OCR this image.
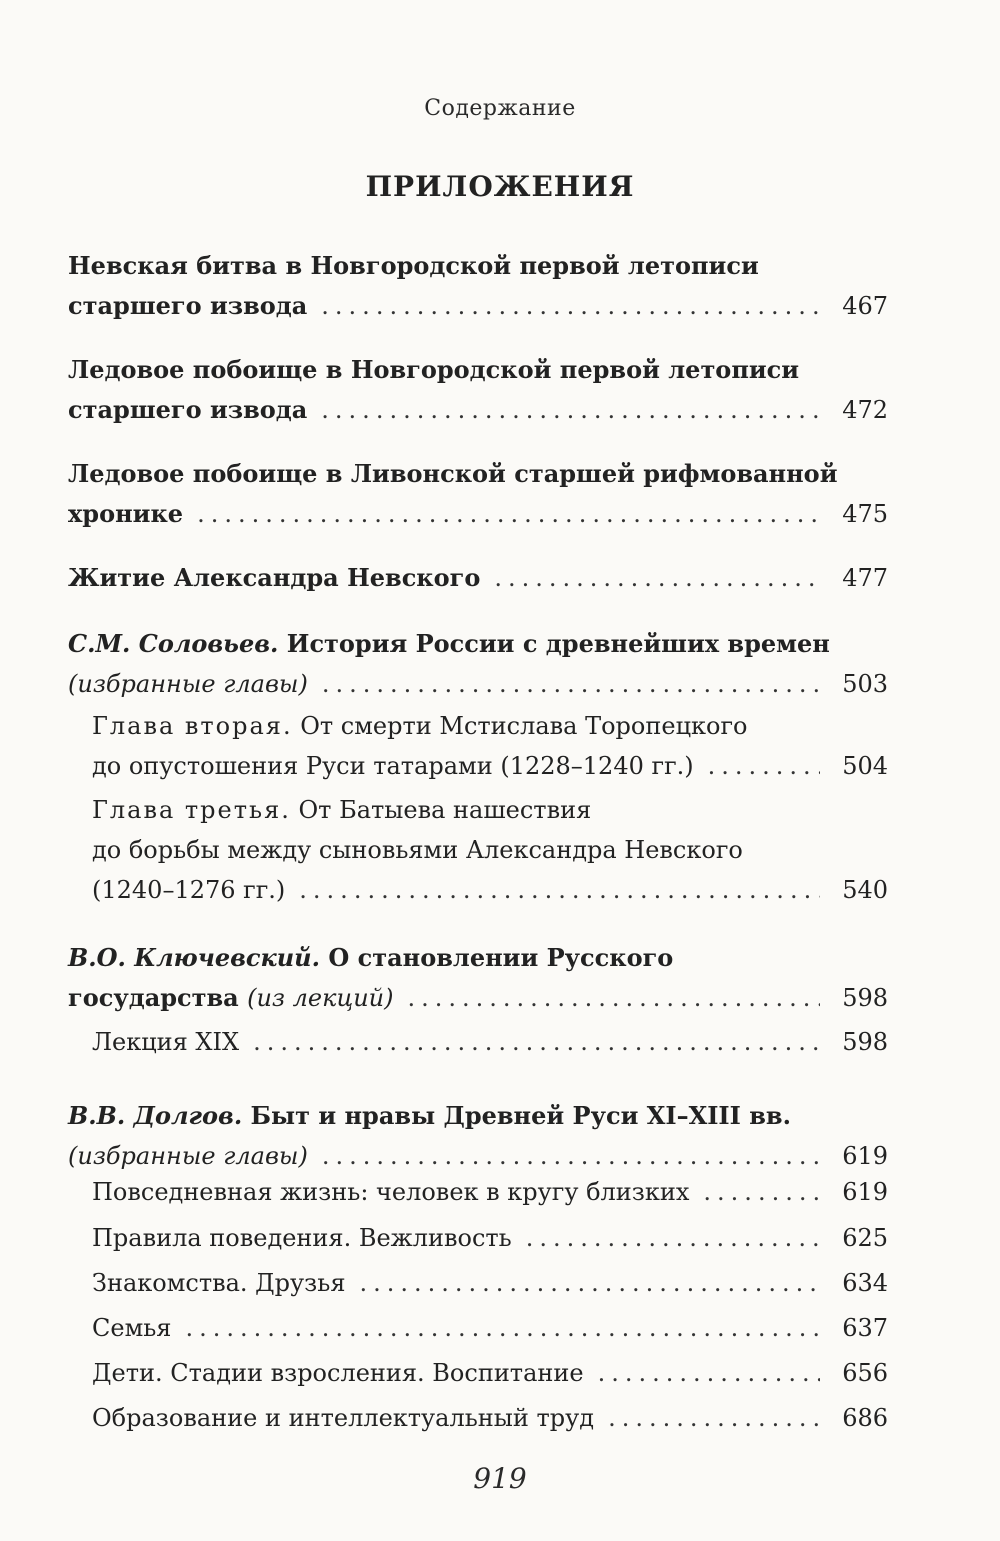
Содержание
ПРИЛОЖЕНИЯ
Невская битва в Новгородской первой летописи
старшего извода .....	467
Ледовое побоище в Новгородской первой летописи
старшего извода .....	472
Ледовое побоище в Ливонской старшей рифмованной
хронике .....	475
Житие Александра Невского .....	477
С.М. Соловьев. История России с древнейших времен
(избранные главы) .....	503
Глава вторая. От смерти Мстислава Торопецкого
до опустошения Руси татарами (1228–1240 гг.) .....	504
Глава третья. От Батыева нашествия
до борьбы между сыновьями Александра Невского
(1240–1276 гг.) .....	540
В.О. Ключевский. О становлении Русского
государства (из лекций) .....	598
Лекция XIX .....	598
В.В. Долгов. Быт и нравы Древней Руси XI–XIII вв.
(избранные главы) .....	619
Повседневная жизнь: человек в кругу близких .....	619
Правила поведения. Вежливость .....	625
Знакомства. Друзья .....	634
Семья .....	637
Дети. Стадии взросления. Воспитание .....	656
Образование и интеллектуальный труд .....	686
919
